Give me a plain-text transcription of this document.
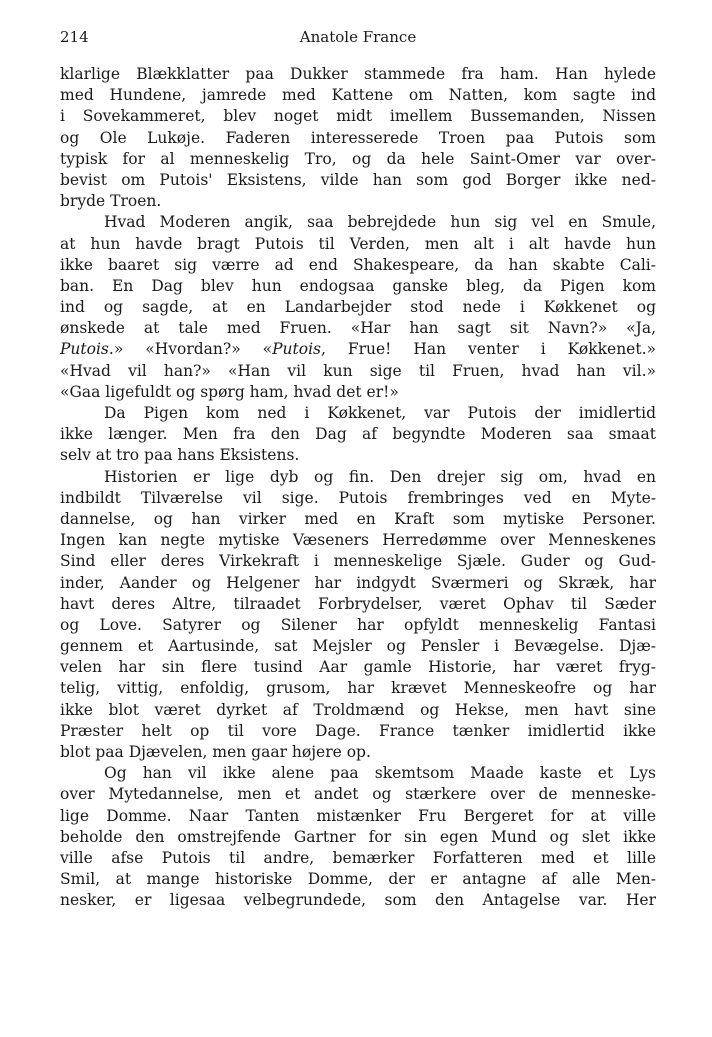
214	Anatole France
klarlige Blækklatter paa Dukker stammede fra ham. Han hylede
med Hundene, jamrede med Kattene om Natten, kom sagte ind
i Sovekammeret, blev noget midt imellem Bussemanden, Nissen
og Ole Lukøje. Faderen interesserede Troen paa Putois som
typisk for al menneskelig Tro, og da hele Saint-Omer var over-
bevist om Putois' Eksistens, vilde han som god Borger ikke ned-
bryde Troen.
Hvad Moderen angik, saa bebrejdede hun sig vel en Smule,
at hun havde bragt Putois til Verden, men alt i alt havde hun
ikke baaret sig værre ad end Shakespeare, da han skabte Cali-
ban. En Dag blev hun endogsaa ganske bleg, da Pigen kom
ind og sagde, at en Landarbejder stod nede i Køkkenet og
ønskede at tale med Fruen. «Har han sagt sit Navn?» «Ja,
Putois.» «Hvordan?» «Putois, Frue! Han venter i Køkkenet.»
«Hvad vil han?» «Han vil kun sige til Fruen, hvad han vil.»
«Gaa ligefuldt og spørg ham, hvad det er!»
Da Pigen kom ned i Køkkenet, var Putois der imidlertid
ikke længer. Men fra den Dag af begyndte Moderen saa smaat
selv at tro paa hans Eksistens.
Historien er lige dyb og fin. Den drejer sig om, hvad en
indbildt Tilværelse vil sige. Putois frembringes ved en Myte-
dannelse, og han virker med en Kraft som mytiske Personer.
Ingen kan negte mytiske Væseners Herredømme over Menneskenes
Sind eller deres Virkekraft i menneskelige Sjæle. Guder og Gud-
inder, Aander og Helgener har indgydt Sværmeri og Skræk, har
havt deres Altre, tilraadet Forbrydelser, været Ophav til Sæder
og Love. Satyrer og Silener har opfyldt menneskelig Fantasi
gennem et Aartusinde, sat Mejsler og Pensler i Bevægelse. Djæ-
velen har sin flere tusind Aar gamle Historie, har været fryg-
telig, vittig, enfoldig, grusom, har krævet Menneskeofre og har
ikke blot været dyrket af Troldmænd og Hekse, men havt sine
Præster helt op til vore Dage. France tænker imidlertid ikke
blot paa Djævelen, men gaar højere op.
Og han vil ikke alene paa skemtsom Maade kaste et Lys
over Mytedannelse, men et andet og stærkere over de menneske-
lige Domme. Naar Tanten mistænker Fru Bergeret for at ville
beholde den omstrejfende Gartner for sin egen Mund og slet ikke
ville afse Putois til andre, bemærker Forfatteren med et lille
Smil, at mange historiske Domme, der er antagne af alle Men-
nesker, er ligesaa velbegrundede, som den Antagelse var. Her
